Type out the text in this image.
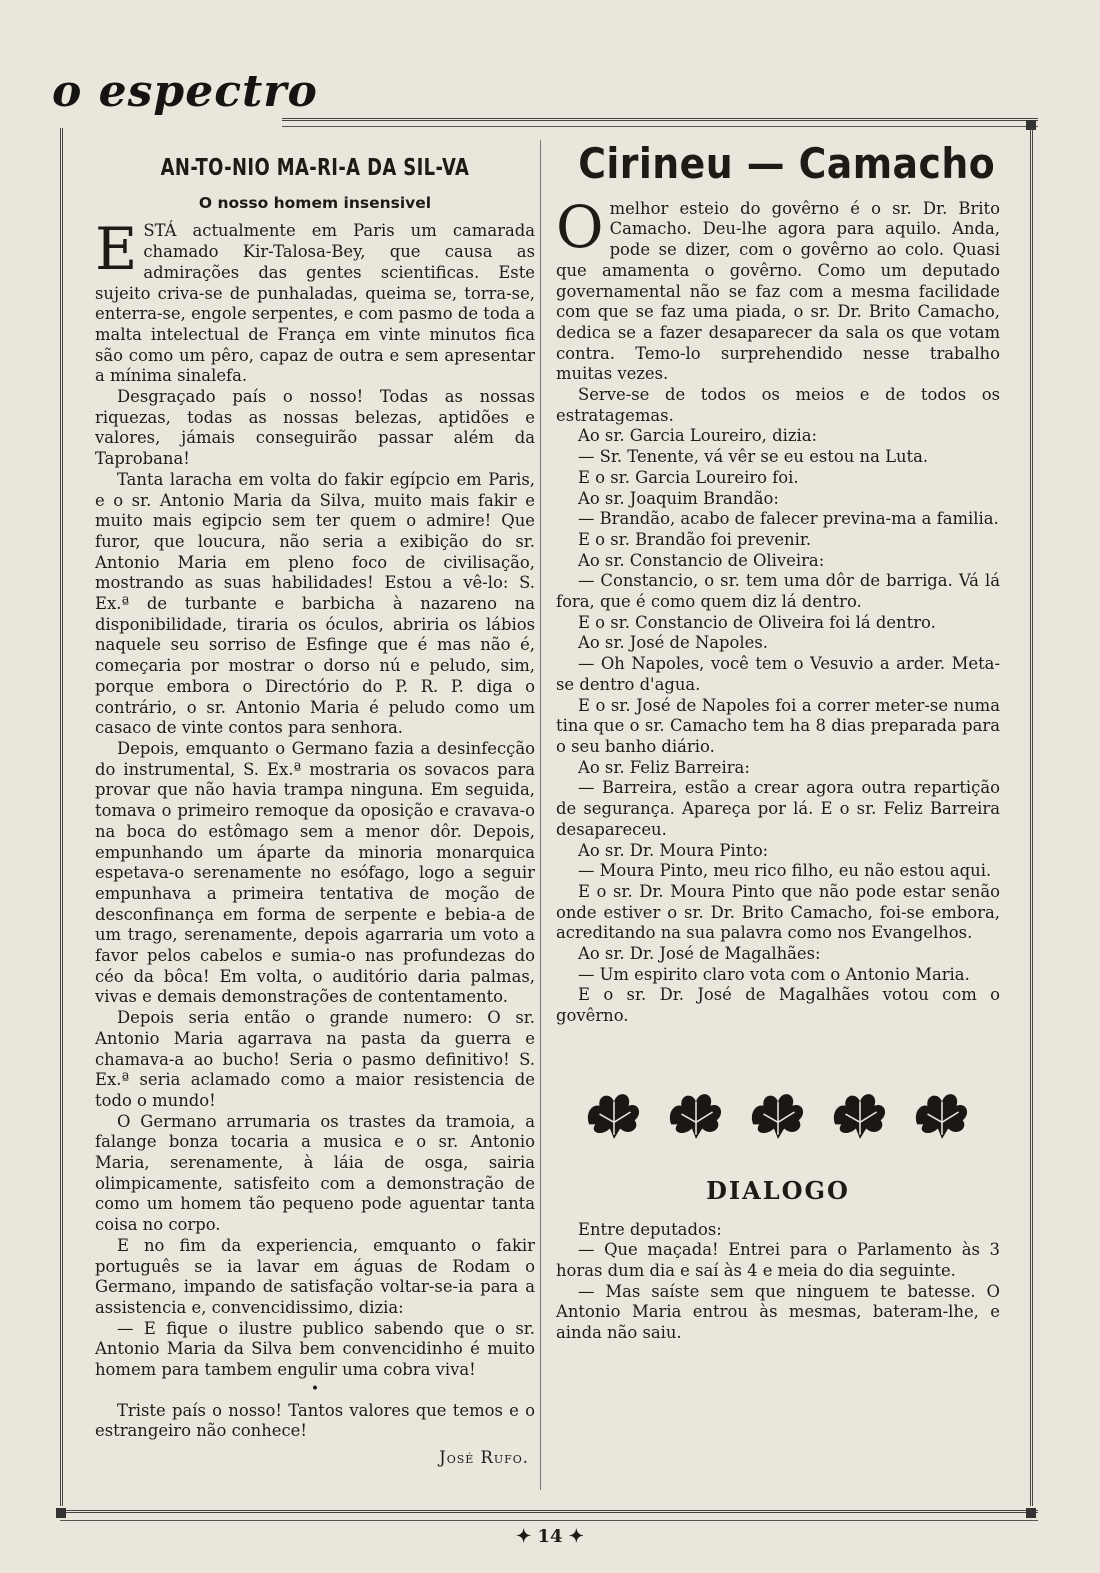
o espectro
AN-TO-NIO MA-RI-A DA SIL-VA
O nosso homem insensivel

ESTÁ actualmente em Paris um camarada chamado Kir-Talosa-Bey, que causa as admirações das gentes scientificas. Este sujeito criva-se de punhaladas, queima se, torra-se, enterra-se, engole serpentes, e com pasmo de toda a malta intelectual de França em vinte minutos fica são como um pêro, capaz de outra e sem apresentar a mínima sinalefa.

Desgraçado país o nosso! Todas as nossas riquezas, todas as nossas belezas, aptidões e valores, jámais conseguirão passar além da Taprobana!

Tanta laracha em volta do fakir egípcio em Paris, e o sr. Antonio Maria da Silva, muito mais fakir e muito mais egipcio sem ter quem o admire! Que furor, que loucura, não seria a exibição do sr. Antonio Maria em pleno foco de civilisação, mostrando as suas habilidades! Estou a vê-lo: S. Ex.ª de turbante e barbicha à nazareno na disponibilidade, tiraria os óculos, abriria os lábios naquele seu sorriso de Esfinge que é mas não é, começaria por mostrar o dorso nú e peludo, sim, porque embora o Directório do P. R. P. diga o contrário, o sr. Antonio Maria é peludo como um casaco de vinte contos para senhora.

Depois, emquanto o Germano fazia a desinfecção do instrumental, S. Ex.ª mostraria os sovacos para provar que não havia trampa ninguna. Em seguida, tomava o primeiro remoque da oposição e cravava-o na boca do estômago sem a menor dôr. Depois, empunhando um áparte da minoria monarquica espetava-o serenamente no esófago, logo a seguir empunhava a primeira tentativa de moção de desconfinança em forma de serpente e bebia-a de um trago, serenamente, depois agarraria um voto a favor pelos cabelos e sumia-o nas profundezas do céo da bôca! Em volta, o auditório daria palmas, vivas e demais demonstrações de contentamento.

Depois seria então o grande numero: O sr. Antonio Maria agarrava na pasta da guerra e chamava-a ao bucho! Seria o pasmo definitivo! S. Ex.ª seria aclamado como a maior resistencia de todo o mundo!

O Germano arrumaria os trastes da tramoia, a falange bonza tocaria a musica e o sr. Antonio Maria, serenamente, à láia de osga, sairia olimpicamente, satisfeito com a demonstração de como um homem tão pequeno pode aguentar tanta coisa no corpo.

E no fim da experiencia, emquanto o fakir português se ia lavar em águas de Rodam o Germano, impando de satisfação voltar-se-ia para a assistencia e, convencidissimo, dizia:

— E fique o ilustre publico sabendo que o sr. Antonio Maria da Silva bem convencidinho é muito homem para tambem engulir uma cobra viva!

•

Triste país o nosso! Tantos valores que temos e o estrangeiro não conhece!

José Rufo.
Cirineu — Camacho

Omelhor esteio do govêrno é o sr. Dr. Brito Camacho. Deu-lhe agora para aquilo. Anda, pode se dizer, com o govêrno ao colo. Quasi que amamenta o govêrno. Como um deputado governamental não se faz com a mesma facilidade com que se faz uma piada, o sr. Dr. Brito Camacho, dedica se a fazer desaparecer da sala os que votam contra. Temo-lo surprehendido nesse trabalho muitas vezes.

Serve-se de todos os meios e de todos os estratagemas.

Ao sr. Garcia Loureiro, dizia:

— Sr. Tenente, vá vêr se eu estou na Luta.

E o sr. Garcia Loureiro foi.

Ao sr. Joaquim Brandão:

— Brandão, acabo de falecer previna-ma a familia.

E o sr. Brandão foi prevenir.

Ao sr. Constancio de Oliveira:

— Constancio, o sr. tem uma dôr de barriga. Vá lá fora, que é como quem diz lá dentro.

E o sr. Constancio de Oliveira foi lá dentro.

Ao sr. José de Napoles.

— Oh Napoles, você tem o Vesuvio a arder. Meta-se dentro d'agua.

E o sr. José de Napoles foi a correr meter-se numa tina que o sr. Camacho tem ha 8 dias preparada para o seu banho diário.

Ao sr. Feliz Barreira:

— Barreira, estão a crear agora outra repartição de segurança. Apareça por lá. E o sr. Feliz Barreira desapareceu.

Ao sr. Dr. Moura Pinto:

— Moura Pinto, meu rico filho, eu não estou aqui.

E o sr. Dr. Moura Pinto que não pode estar senão onde estiver o sr. Dr. Brito Camacho, foi-se embora, acreditando na sua palavra como nos Evangelhos.

Ao sr. Dr. José de Magalhães:

— Um espirito claro vota com o Antonio Maria.

E o sr. Dr. José de Magalhães votou com o govêrno.

DIALOGO

Entre deputados:

— Que maçada! Entrei para o Parlamento às 3 horas dum dia e saí às 4 e meia do dia seguinte.

— Mas saíste sem que ninguem te batesse. O Antonio Maria entrou às mesmas, bateram-lhe, e ainda não saiu.

✦ 14 ✦
